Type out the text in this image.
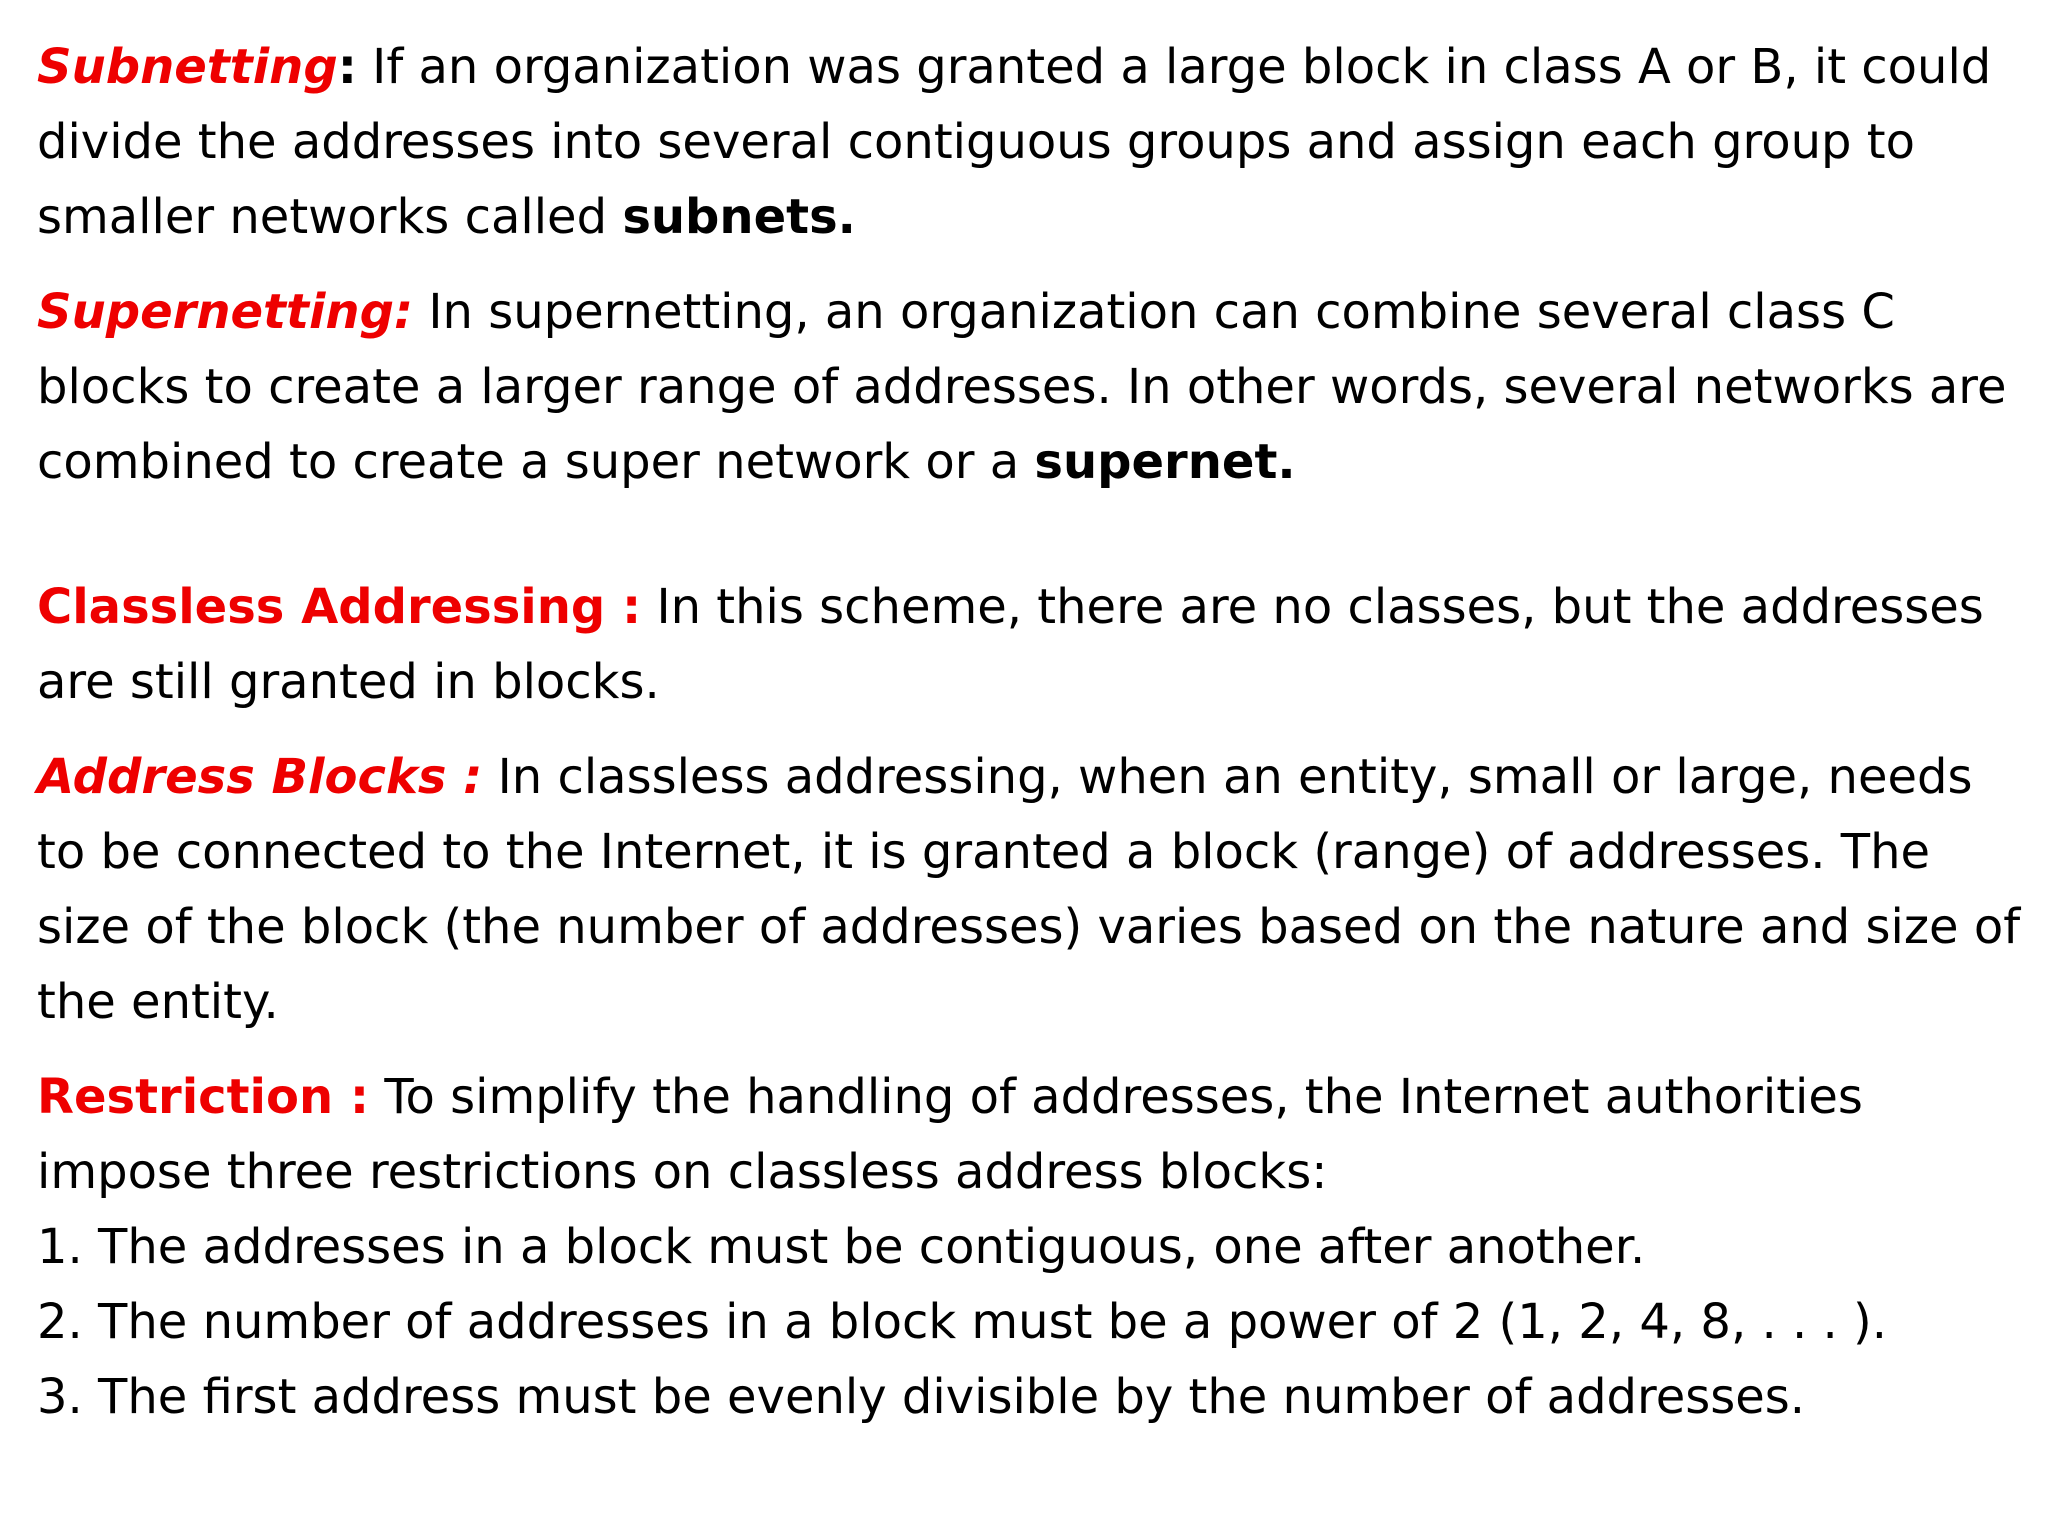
Subnetting: If an organization was granted a large block in class A or B, it could divide the addresses into several contiguous groups and assign each group to smaller networks called subnets.

Supernetting: In supernetting, an organization can combine several class C blocks to create a larger range of addresses. In other words, several networks are combined to create a super network or a supernet.

Classless Addressing : In this scheme, there are no classes, but the addresses are still granted in blocks.

Address Blocks : In classless addressing, when an entity, small or large, needs to be connected to the Internet, it is granted a block (range) of addresses. The size of the block (the number of addresses) varies based on the nature and size of the entity.

Restriction : To simplify the handling of addresses, the Internet authorities impose three restrictions on classless address blocks:

1. The addresses in a block must be contiguous, one after another.

2. The number of addresses in a block must be a power of 2 (1, 2, 4, 8, . . . ).

3. The first address must be evenly divisible by the number of addresses.
